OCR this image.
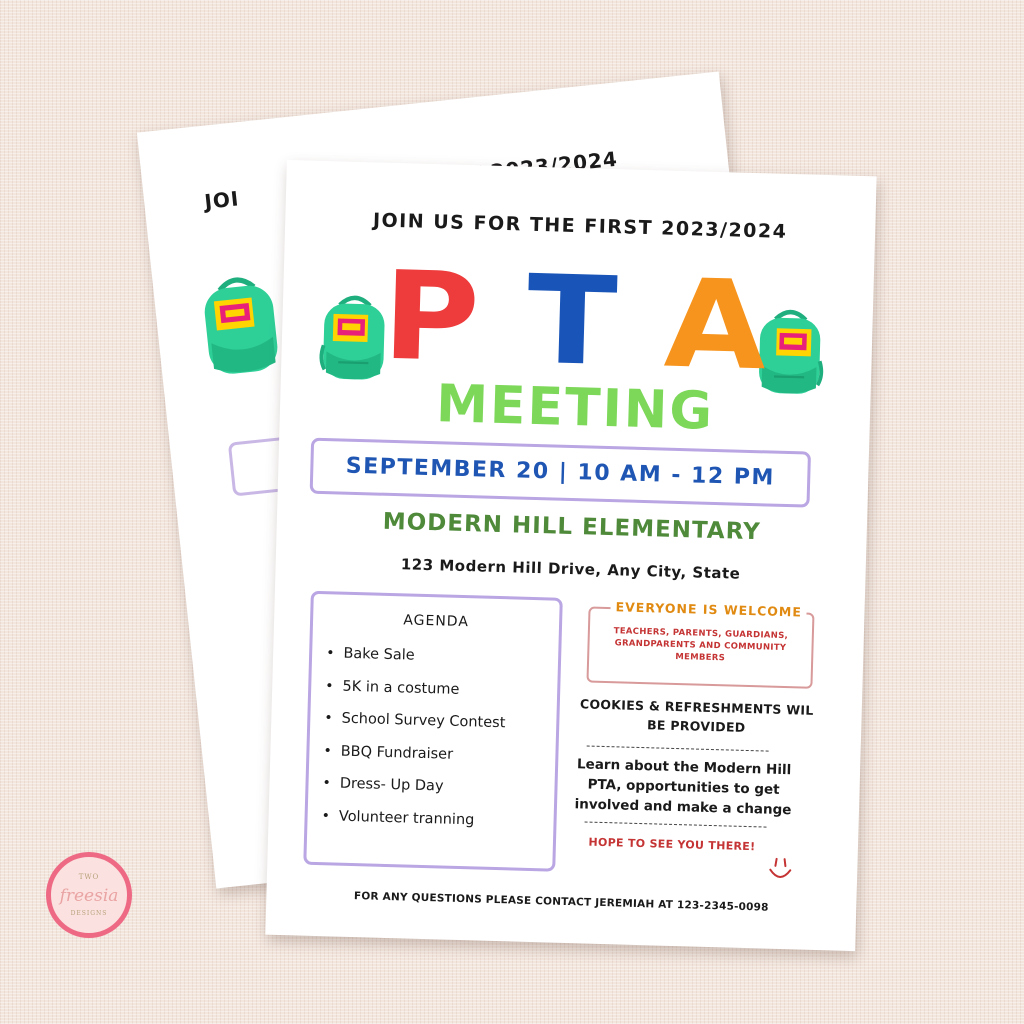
JOI
JOIN US FOR THE FIRST 2023/2024
P T A
MEETING
SEPTEMBER 20 | 10 AM - 12 PM
MODERN HILL ELEMENTARY
123 Modern Hill Drive, Any City, State
AGENDA
• Bake Sale
• 5K in a costume
• School Survey Contest
• BBQ Fundraiser
• Dress- Up Day
• Volunteer tranning
EVERYONE IS WELCOME
TEACHERS, PARENTS, GUARDIANS, GRANDPARENTS AND COMMUNITY MEMBERS
COOKIES & REFRESHMENTS WIL BE PROVIDED
Learn about the Modern Hill PTA, opportunities to get involved and make a change
HOPE TO SEE YOU THERE!
FOR ANY QUESTIONS PLEASE CONTACT JEREMIAH AT 123-2345-0098
TWO
freesia
DESIGNS
